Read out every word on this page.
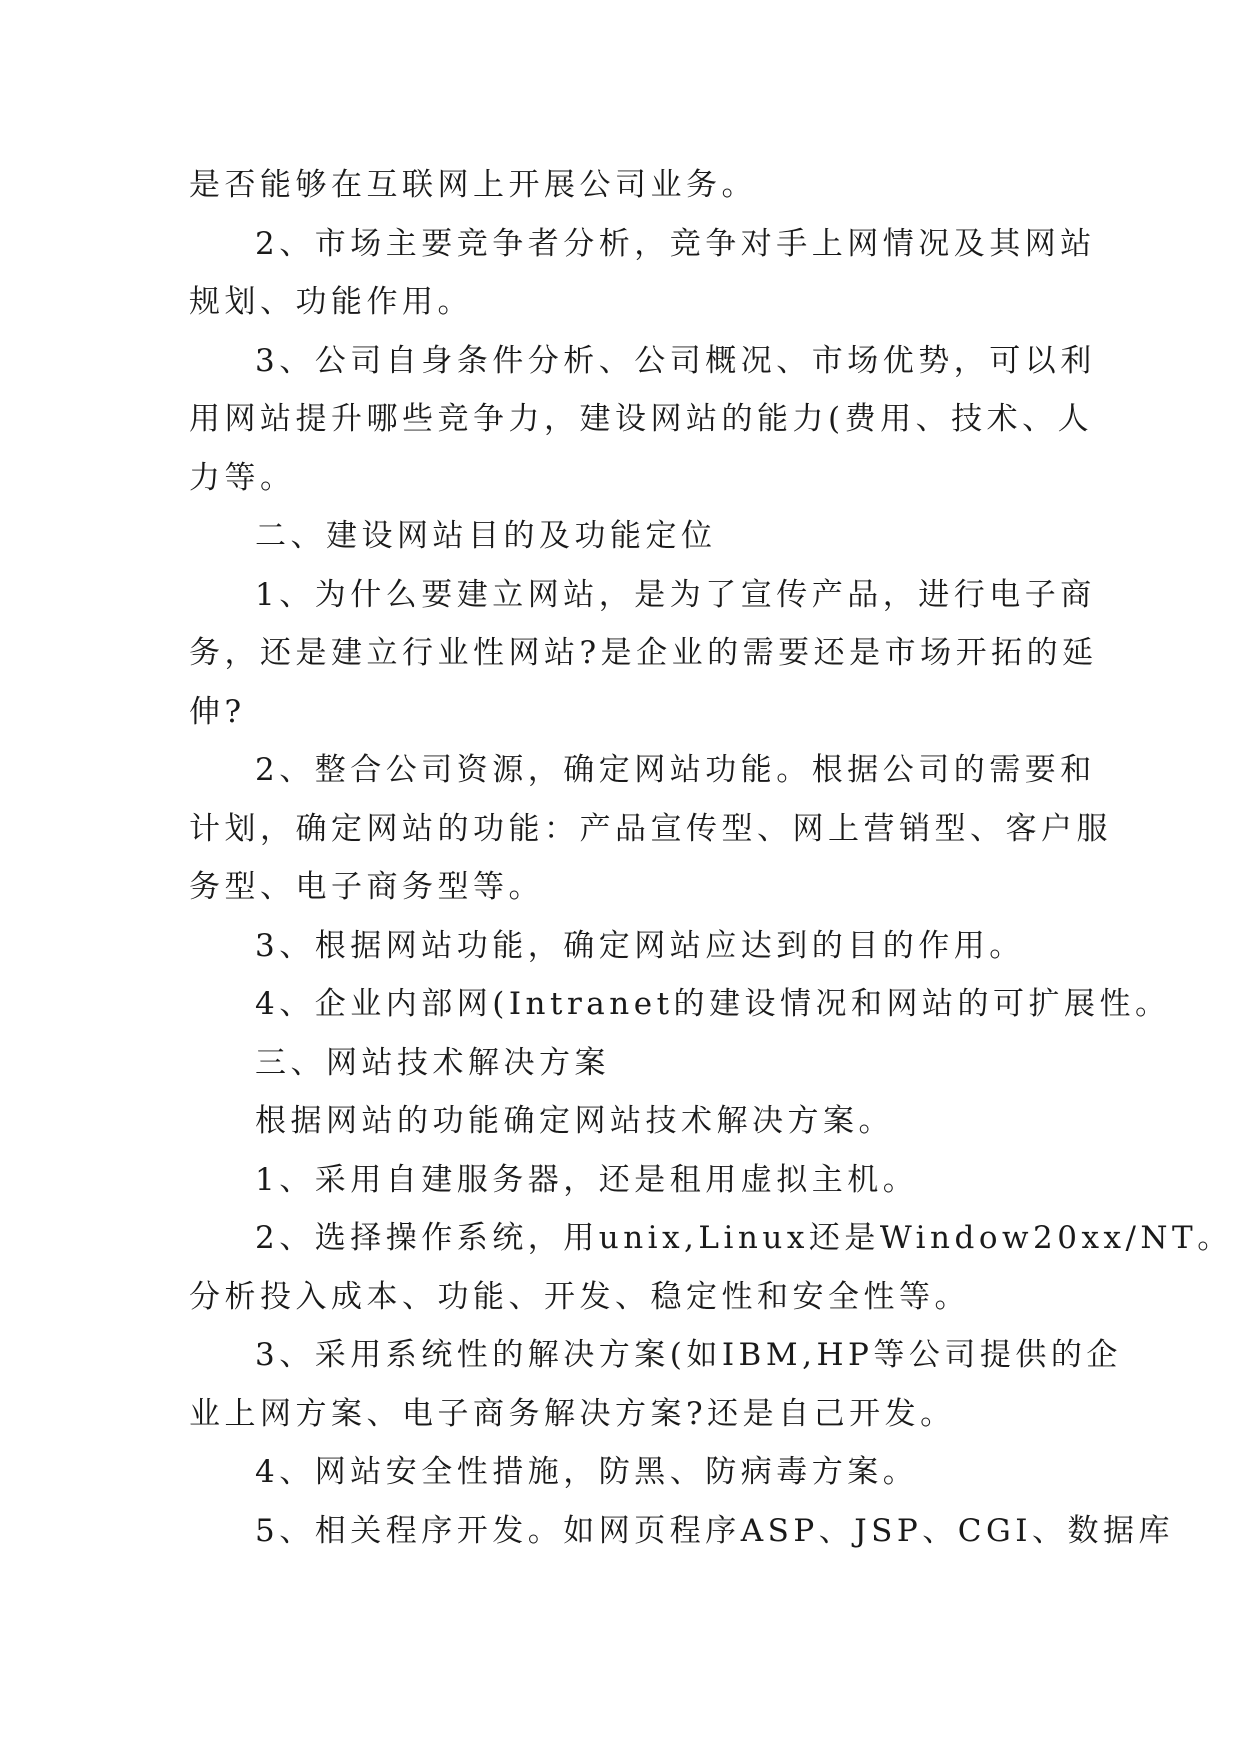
是否能够在互联网上开展公司业务。
2、市场主要竞争者分析，竞争对手上网情况及其网站
规划、功能作用。
3、公司自身条件分析、公司概况、市场优势，可以利
用网站提升哪些竞争力，建设网站的能力(费用、技术、人
力等。
二、建设网站目的及功能定位
1、为什么要建立网站，是为了宣传产品，进行电子商
务，还是建立行业性网站?是企业的需要还是市场开拓的延
伸?
2、整合公司资源，确定网站功能。根据公司的需要和
计划，确定网站的功能：产品宣传型、网上营销型、客户服
务型、电子商务型等。
3、根据网站功能，确定网站应达到的目的作用。
4、企业内部网(Intranet的建设情况和网站的可扩展性。
三、网站技术解决方案
根据网站的功能确定网站技术解决方案。
1、采用自建服务器，还是租用虚拟主机。
2、选择操作系统，用unix,Linux还是Window20xx/NT。
分析投入成本、功能、开发、稳定性和安全性等。
3、采用系统性的解决方案(如IBM,HP等公司提供的企
业上网方案、电子商务解决方案?还是自己开发。
4、网站安全性措施，防黑、防病毒方案。
5、相关程序开发。如网页程序ASP、JSP、CGI、数据库
